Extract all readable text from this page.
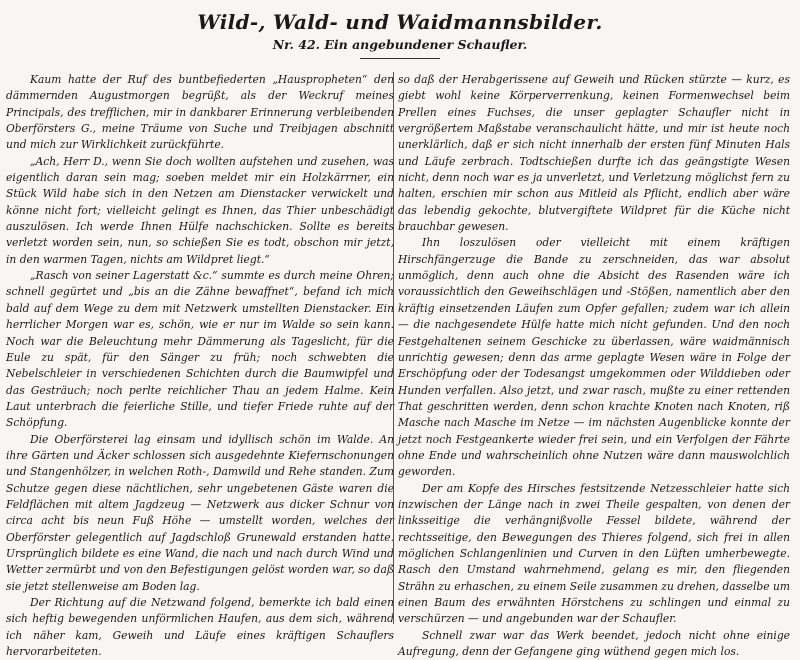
Wild-, Wald- und Waidmannsbilder.
Nr. 42. Ein angebundener Schaufler.

Kaum hatte der Ruf des buntbefiederten „Hauspropheten“ den dämmernden Augustmorgen begrüßt, als der Weckruf meines Principals, des trefflichen, mir in dankbarer Erinnerung verbleibenden Oberförsters G., meine Träume von Suche und Treibjagen abschnitt und mich zur Wirklichkeit zurückführte.

„Ach, Herr D., wenn Sie doch wollten aufstehen und zusehen, was eigentlich daran sein mag; soeben meldet mir ein Holzkärrner, ein Stück Wild habe sich in den Netzen am Dienstacker verwickelt und könne nicht fort; vielleicht gelingt es Ihnen, das Thier unbeschädigt auszulösen. Ich werde Ihnen Hülfe nachschicken. Sollte es bereits verletzt worden sein, nun, so schießen Sie es todt, obschon mir jetzt, in den warmen Tagen, nichts am Wildpret liegt.“

„Rasch von seiner Lagerstatt &c.“ summte es durch meine Ohren; schnell gegürtet und „bis an die Zähne bewaffnet“, befand ich mich bald auf dem Wege zu dem mit Netzwerk umstellten Dienstacker. Ein herrlicher Morgen war es, schön, wie er nur im Walde so sein kann. Noch war die Beleuchtung mehr Dämmerung als Tageslicht, für die Eule zu spät, für den Sänger zu früh; noch schwebten die Nebelschleier in verschiedenen Schichten durch die Baumwipfel und das Gesträuch; noch perlte reichlicher Thau an jedem Halme. Kein Laut unterbrach die feierliche Stille, und tiefer Friede ruhte auf der Schöpfung.

Die Oberförsterei lag einsam und idyllisch schön im Walde. An ihre Gärten und Äcker schlossen sich ausgedehnte Kiefernschonungen und Stangenhölzer, in welchen Roth-, Damwild und Rehe standen. Zum Schutze gegen diese nächtlichen, sehr ungebetenen Gäste waren die Feldflächen mit altem Jagdzeug — Netzwerk aus dicker Schnur von circa acht bis neun Fuß Höhe — umstellt worden, welches der Oberförster gelegentlich auf Jagdschloß Grunewald erstanden hatte. Ursprünglich bildete es eine Wand, die nach und nach durch Wind und Wetter zermürbt und von den Befestigungen gelöst worden war, so daß sie jetzt stellenweise am Boden lag.

Der Richtung auf die Netzwand folgend, bemerkte ich bald einen sich heftig bewegenden unförmlichen Haufen, aus dem sich, während ich näher kam, Geweih und Läufe eines kräftigen Schauflers hervorarbeiteten.

so daß der Herabgerissene auf Geweih und Rücken stürzte — kurz, es giebt wohl keine Körperverrenkung, keinen Formenwechsel beim Prellen eines Fuchses, die unser geplagter Schaufler nicht in vergrößertem Maßstabe veranschaulicht hätte, und mir ist heute noch unerklärlich, daß er sich nicht innerhalb der ersten fünf Minuten Hals und Läufe zerbrach. Todtschießen durfte ich das geängstigte Wesen nicht, denn noch war es ja unverletzt, und Verletzung möglichst fern zu halten, erschien mir schon aus Mitleid als Pflicht, endlich aber wäre das lebendig gekochte, blutvergiftete Wildpret für die Küche nicht brauchbar gewesen.

Ihn loszulösen oder vielleicht mit einem kräftigen Hirschfängerzuge die Bande zu zerschneiden, das war absolut unmöglich, denn auch ohne die Absicht des Rasenden wäre ich voraussichtlich den Geweihschlägen und -Stößen, namentlich aber den kräftig einsetzenden Läufen zum Opfer gefallen; zudem war ich allein — die nachgesendete Hülfe hatte mich nicht gefunden. Und den noch Festgehaltenen seinem Geschicke zu überlassen, wäre waidmännisch unrichtig gewesen; denn das arme geplagte Wesen wäre in Folge der Erschöpfung oder der Todesangst umgekommen oder Wilddieben oder Hunden verfallen. Also jetzt, und zwar rasch, mußte zu einer rettenden That geschritten werden, denn schon krachte Knoten nach Knoten, riß Masche nach Masche im Netze — im nächsten Augenblicke konnte der jetzt noch Festgeankerte wieder frei sein, und ein Verfolgen der Fährte ohne Ende und wahrscheinlich ohne Nutzen wäre dann mauswolchlich geworden.

Der am Kopfe des Hirsches festsitzende Netzesschleier hatte sich inzwischen der Länge nach in zwei Theile gespalten, von denen der linksseitige die verhängnißvolle Fessel bildete, während der rechtsseitige, den Bewegungen des Thieres folgend, sich frei in allen möglichen Schlangenlinien und Curven in den Lüften umherbewegte. Rasch den Umstand wahrnehmend, gelang es mir, den fliegenden Strähn zu erhaschen, zu einem Seile zusammen zu drehen, dasselbe um einen Baum des erwähnten Hörstchens zu schlingen und einmal zu verschürzen — und angebunden war der Schaufler.

Schnell zwar war das Werk beendet, jedoch nicht ohne einige Aufregung, denn der Gefangene ging wüthend gegen mich los.
